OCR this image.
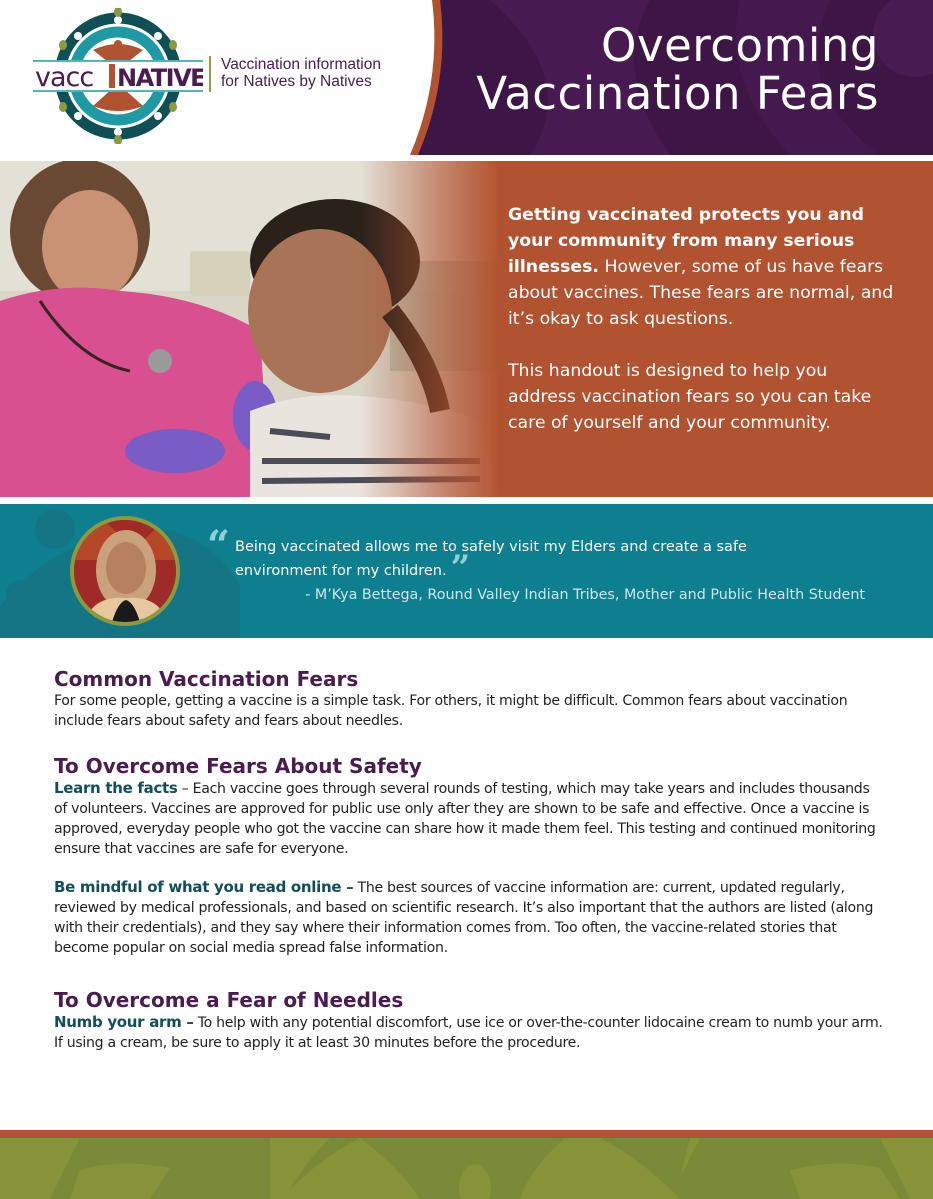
vacc NATIVE Vaccination information
for Natives by Natives
Overcoming
Vaccination Fears

Getting vaccinated protects you and your community from many serious illnesses. However, some of us have fears about vaccines. These fears are normal, and it’s okay to ask questions.

This handout is designed to help you address vaccination fears so you can take care of yourself and your community.

“ Being vaccinated allows me to safely visit my Elders and create a safe environment for my children. ”
- M’Kya Bettega, Round Valley Indian Tribes, Mother and Public Health Student
Common Vaccination Fears

For some people, getting a vaccine is a simple task. For others, it might be difficult. Common fears about vaccination include fears about safety and fears about needles.

To Overcome Fears About Safety

Learn the facts – Each vaccine goes through several rounds of testing, which may take years and includes thousands of volunteers. Vaccines are approved for public use only after they are shown to be safe and effective. Once a vaccine is approved, everyday people who got the vaccine can share how it made them feel. This testing and continued monitoring ensure that vaccines are safe for everyone.

Be mindful of what you read online – The best sources of vaccine information are: current, updated regularly, reviewed by medical professionals, and based on scientific research. It’s also important that the authors are listed (along with their credentials), and they say where their information comes from. Too often, the vaccine-related stories that become popular on social media spread false information.

To Overcome a Fear of Needles

Numb your arm – To help with any potential discomfort, use ice or over-the-counter lidocaine cream to numb your arm. If using a cream, be sure to apply it at least 30 minutes before the procedure.
